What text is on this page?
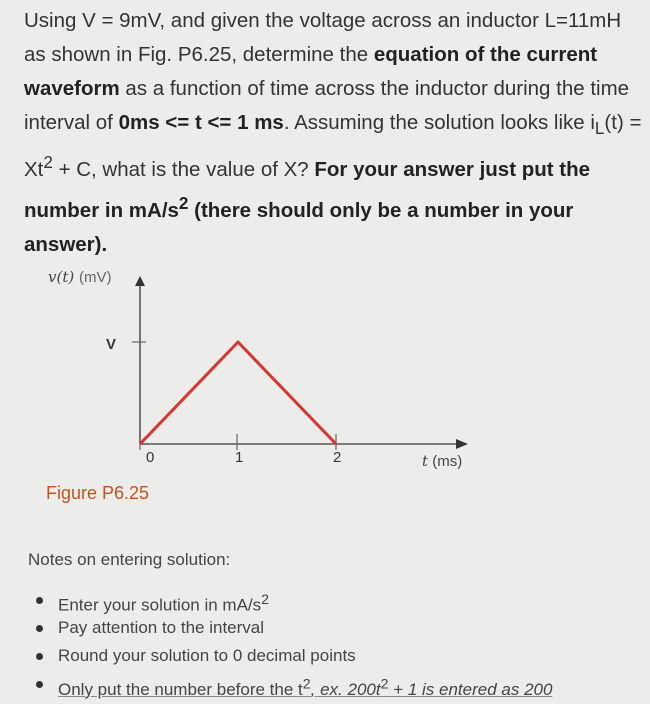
Using V = 9mV, and given the voltage across an inductor L=11mH as shown in Fig. P6.25, determine the equation of the current waveform as a function of time across the inductor during the time interval of 0ms <= t <= 1 ms. Assuming the solution looks like $i_L(t) = Xt^2 + C$, what is the value of X? For your answer just put the number in $mA/s^2$ (there should only be a number in your answer).
v(t) (mV)
V
0	1	2	t (ms)
Figure P6.25
Notes on entering solution:
Enter your solution in $mA/s^2$
Pay attention to the interval
Round your solution to 0 decimal points
Only put the number before the $t^2$, ex. $200t^2 + 1$ is entered as 200
